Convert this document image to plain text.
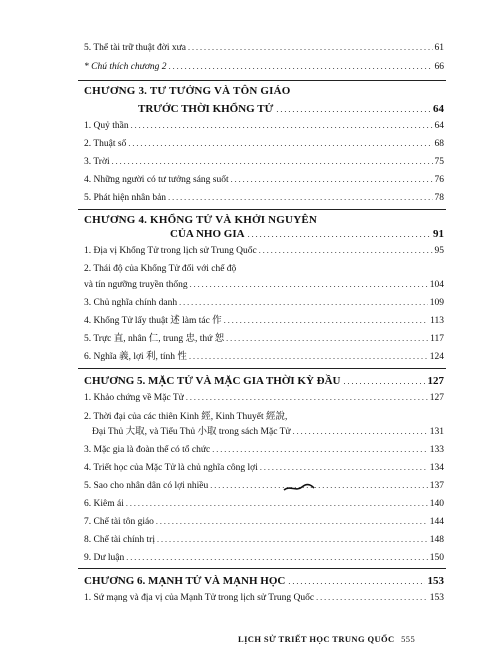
5. Thể tài trữ thuật đời xưa . . .	61
* Chú thích chương 2 . . .	66
CHƯƠNG 3. TƯ TƯỞNG VÀ TÔN GIÁO
TRƯỚC THỜI KHỔNG TỬ . . .	64
1. Quỷ thần . . .	64
2. Thuật số . . .	68
3. Trời . . .	75
4. Những người có tư tưởng sáng suốt . . .	76
5. Phát hiện nhân bản . . .	78
CHƯƠNG 4. KHỔNG TỬ VÀ KHỞI NGUYÊN
CỦA NHO GIA . . .	91
1. Địa vị Khổng Tử trong lịch sử Trung Quốc . . .	95
2. Thái độ của Khổng Tử đối với chế độ
và tín ngưỡng truyền thống . . .	104
3. Chủ nghĩa chính danh . . .	109
4. Khổng Tử lấy thuật 述 làm tác 作 . . .	113
5. Trực 直, nhân 仁, trung 忠, thứ 恕 . . .	117
6. Nghĩa 義, lợi 利, tính 性 . . .	124
CHƯƠNG 5. MẶC TỬ VÀ MẶC GIA THỜI KỲ ĐẦU . . .	127
1. Khảo chứng về Mặc Tử . . .	127
2. Thời đại của các thiên Kinh 經, Kinh Thuyết 經說,
Đại Thủ 大取, và Tiểu Thủ 小取 trong sách Mặc Tử . . .	131
3. Mặc gia là đoàn thể có tổ chức . . .	133
4. Triết học của Mặc Tử là chủ nghĩa công lợi . . .	134
5. Sao cho nhân dân có lợi nhiều . . .	137
6. Kiêm ái . . .	140
7. Chế tài tôn giáo . . .	144
8. Chế tài chính trị . . .	148
9. Dư luận . . .	150
CHƯƠNG 6. MẠNH TỬ VÀ MẠNH HỌC . . .	153
1. Sứ mạng và địa vị của Mạnh Tử trong lịch sử Trung Quốc . . .	153
LỊCH SỬ TRIẾT HỌC TRUNG QUỐC 555
